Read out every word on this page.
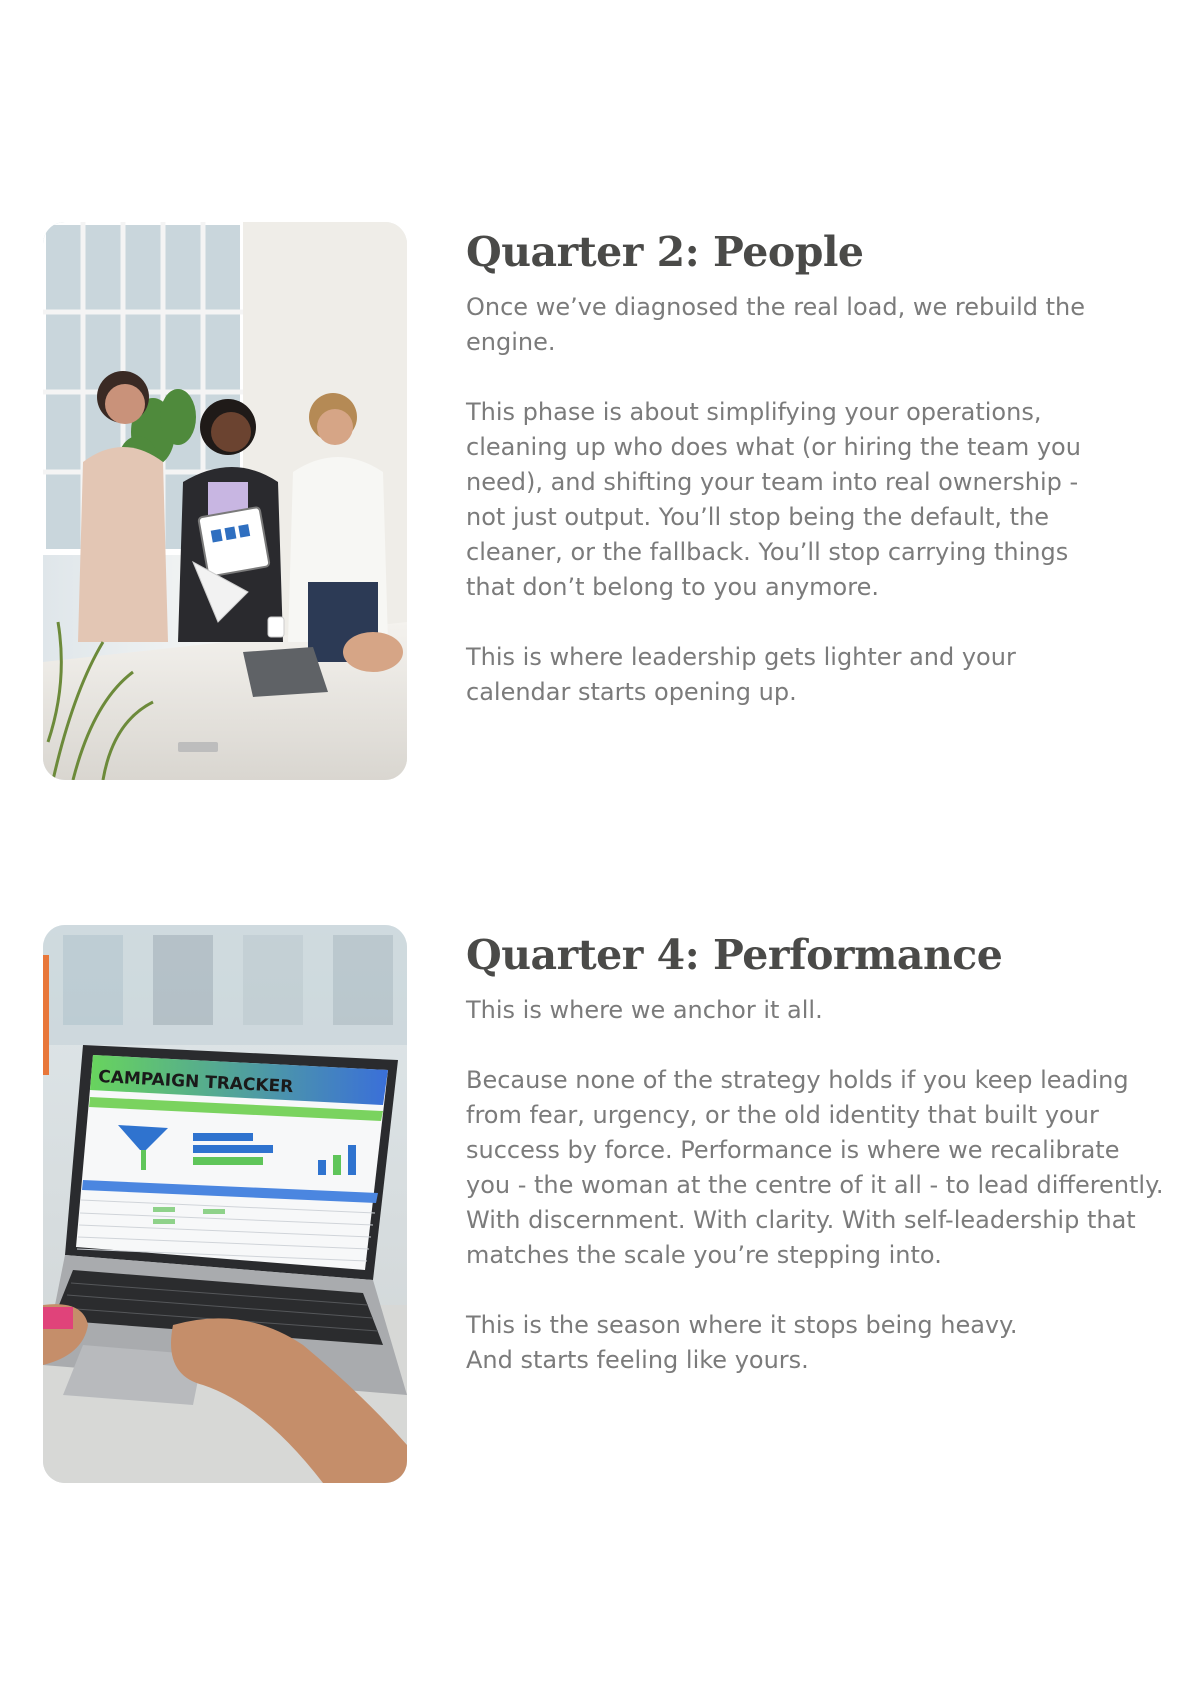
Quarter 2: People

Once we’ve diagnosed the real load, we rebuild the engine.

This phase is about simplifying your operations, cleaning up who does what (or hiring the team you need), and shifting your team into real ownership - not just output. You’ll stop being the default, the cleaner, or the fallback. You’ll stop carrying things that don’t belong to you anymore.

This is where leadership gets lighter and your calendar starts opening up.

CAMPAIGN TRACKER
Quarter 4: Performance

This is where we anchor it all.

Because none of the strategy holds if you keep leading from fear, urgency, or the old identity that built your success by force. Performance is where we recalibrate you - the woman at the centre of it all - to lead differently. With discernment. With clarity. With self-leadership that matches the scale you’re stepping into.

This is the season where it stops being heavy.

And starts feeling like yours.
